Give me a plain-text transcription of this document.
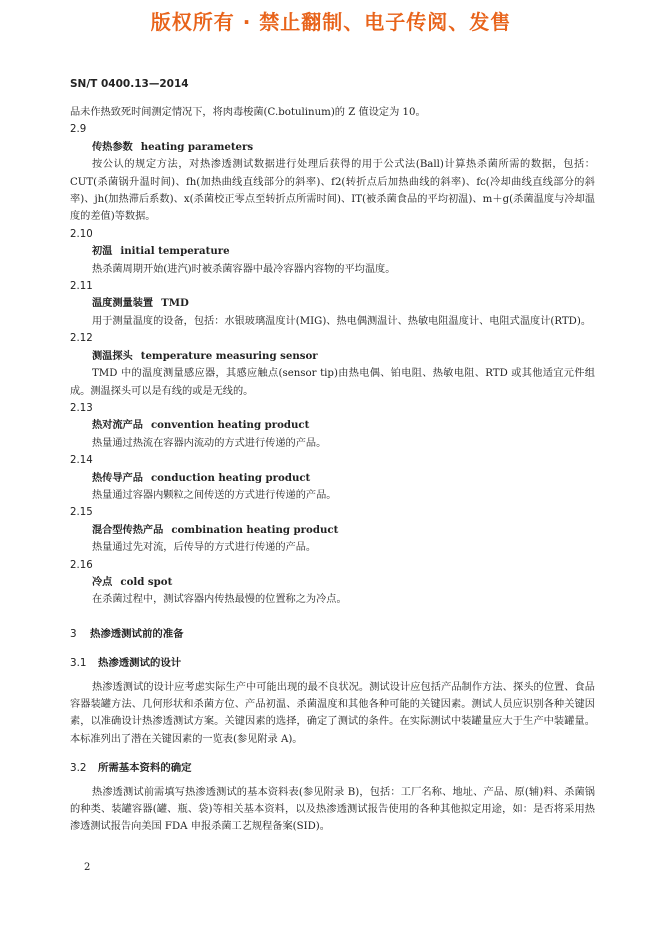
版权所有 · 禁止翻制、电子传阅、发售
SN/T 0400.13—2014

品未作热致死时间测定情况下，将肉毒梭菌(C.botulinum)的 Z 值设定为 10。

2.9

传热参数 heating parameters

按公认的规定方法，对热渗透测试数据进行处理后获得的用于公式法(Ball)计算热杀菌所需的数据，包括：CUT(杀菌锅升温时间)、fh(加热曲线直线部分的斜率)、f2(转折点后加热曲线的斜率)、fc(冷却曲线直线部分的斜率)、jh(加热滞后系数)、x(杀菌校正零点至转折点所需时间)、IT(被杀菌食品的平均初温)、m＋g(杀菌温度与冷却温度的差值)等数据。

2.10

初温 initial temperature

热杀菌周期开始(进汽)时被杀菌容器中最冷容器内容物的平均温度。

2.11

温度测量装置 TMD

用于测量温度的设备，包括：水银玻璃温度计(MIG)、热电偶测温计、热敏电阻温度计、电阻式温度计(RTD)。

2.12

测温探头 temperature measuring sensor

TMD 中的温度测量感应器，其感应触点(sensor tip)由热电偶、铂电阻、热敏电阻、RTD 或其他适宜元件组成。测温探头可以是有线的或是无线的。

2.13

热对流产品 convention heating product

热量通过热流在容器内流动的方式进行传递的产品。

2.14

热传导产品 conduction heating product

热量通过容器内颗粒之间传送的方式进行传递的产品。

2.15

混合型传热产品 combination heating product

热量通过先对流，后传导的方式进行传递的产品。

2.16

冷点 cold spot

在杀菌过程中，测试容器内传热最慢的位置称之为冷点。

3 热渗透测试前的准备

3.1 热渗透测试的设计

热渗透测试的设计应考虑实际生产中可能出现的最不良状况。测试设计应包括产品制作方法、探头的位置、食品容器装罐方法、几何形状和杀菌方位、产品初温、杀菌温度和其他各种可能的关键因素。测试人员应识别各种关键因素，以准确设计热渗透测试方案。关键因素的选择，确定了测试的条件。在实际测试中装罐量应大于生产中装罐量。本标准列出了潜在关键因素的一览表(参见附录 A)。

3.2 所需基本资料的确定

热渗透测试前需填写热渗透测试的基本资料表(参见附录 B)，包括：工厂名称、地址、产品、原(辅)料、杀菌锅的种类、装罐容器(罐、瓶、袋)等相关基本资料，以及热渗透测试报告使用的各种其他拟定用途，如：是否将采用热渗透测试报告向美国 FDA 申报杀菌工艺规程备案(SID)。

2
